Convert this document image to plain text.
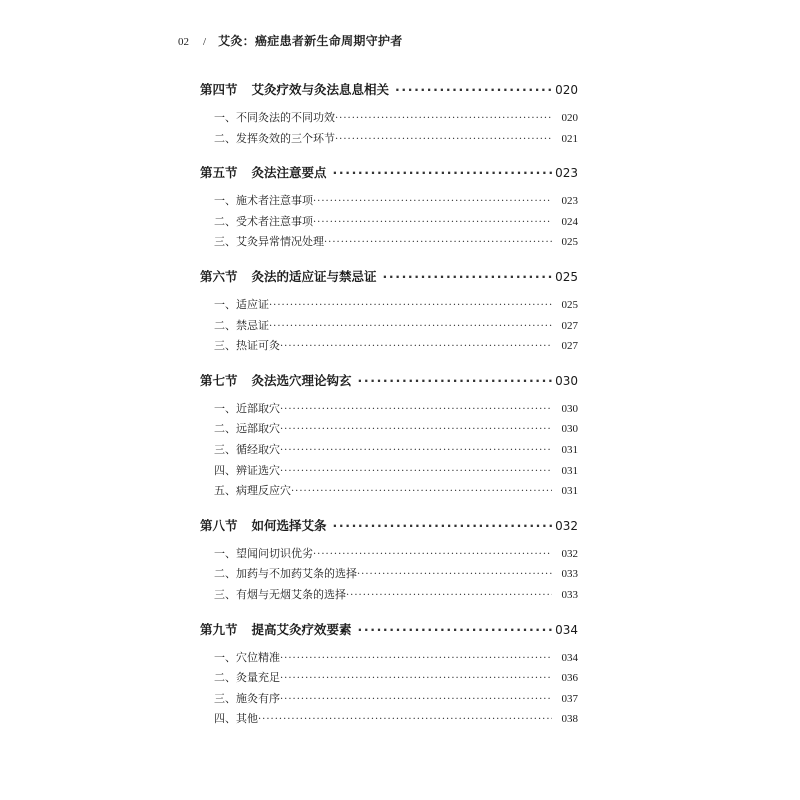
02 / 艾灸：癌症患者新生命周期守护者
第四节 艾灸疗效与灸法息息相关 ·····	020
一、不同灸法的不同功效 ·····	020
二、发挥灸效的三个环节 ·····	021
第五节 灸法注意要点 ·····	023
一、施术者注意事项 ·····	023
二、受术者注意事项 ·····	024
三、艾灸异常情况处理 ·····	025
第六节 灸法的适应证与禁忌证 ·····	025
一、适应证 ·····	025
二、禁忌证 ·····	027
三、热证可灸 ·····	027
第七节 灸法选穴理论钩玄 ·····	030
一、近部取穴 ·····	030
二、远部取穴 ·····	030
三、循经取穴 ·····	031
四、辨证选穴 ·····	031
五、病理反应穴 ·····	031
第八节 如何选择艾条 ·····	032
一、望闻问切识优劣 ·····	032
二、加药与不加药艾条的选择 ·····	033
三、有烟与无烟艾条的选择 ·····	033
第九节 提高艾灸疗效要素 ·····	034
一、穴位精准 ·····	034
二、灸量充足 ·····	036
三、施灸有序 ·····	037
四、其他 ·····	038
